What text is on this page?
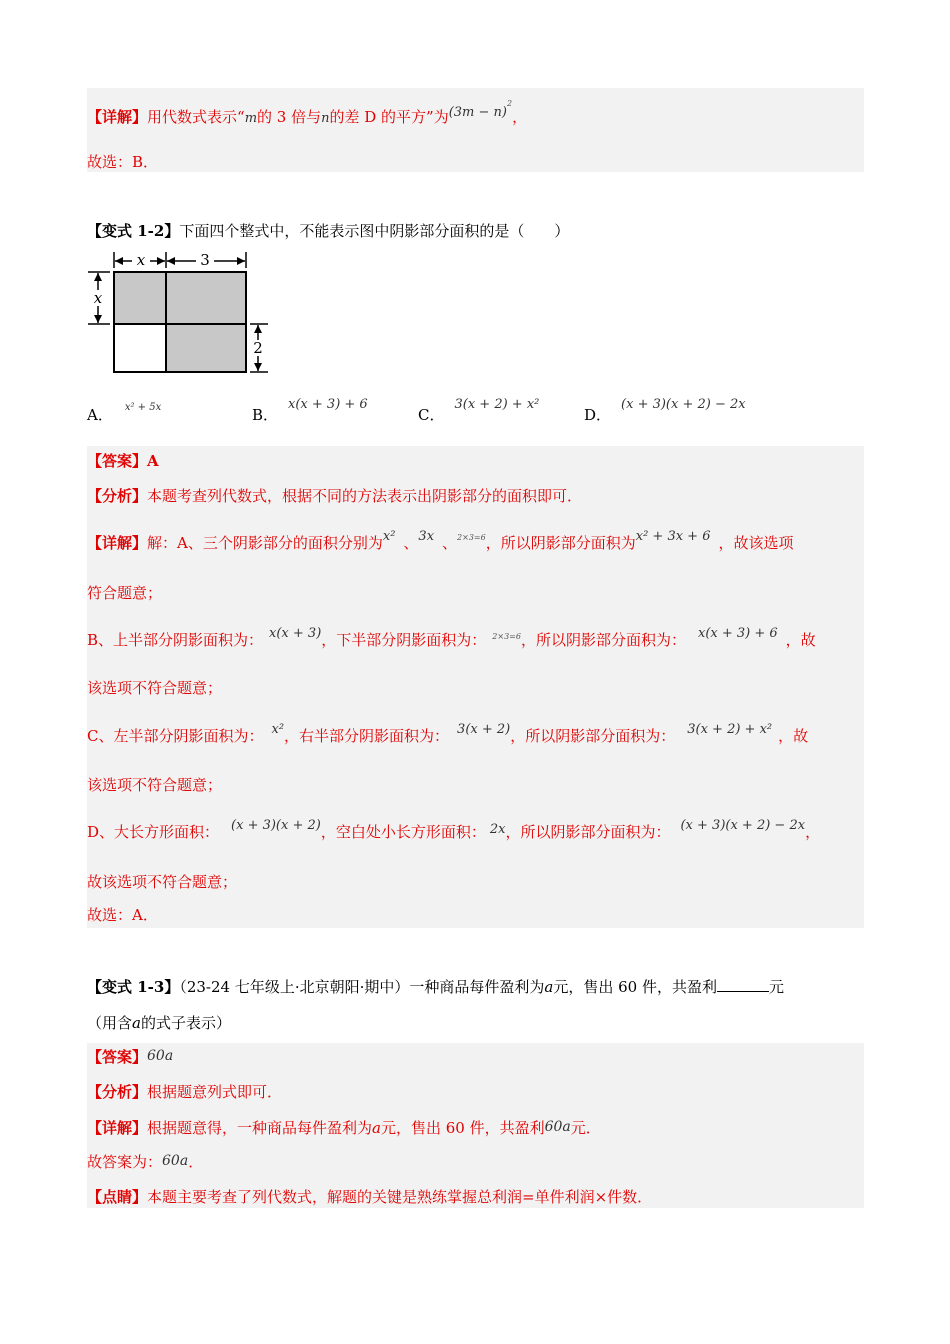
【详解】用代数式表示“m的 3 倍与n的差 D 的平方”为$(3m - n)^2$，
故选：B．
【变式 1-2】下面四个整式中，不能表示图中阴影部分面积的是（　　）
x	3
x
2
A． $^{x^2 + 5x}$	B．x(x + 3) + 6
C．3(x + 2) + x²
D．(x + 3)(x + 2) − 2x
【答案】A
【分析】本题考查列代数式，根据不同的方法表示出阴影部分的面积即可．
【详解】解：A、三个阴影部分的面积分别为x² 、3x 、$^{2\times 3=6}$，所以阴影部分面积为x² + 3x + 6 ，故该选项
符合题意；
B、上半部分阴影面积为： x(x + 3)，下半部分阴影面积为： $^{2\times 3=6}$，所以阴影部分面积为： x(x + 3) + 6 ，故
该选项不符合题意；
C、左半部分阴影面积为： x²，右半部分阴影面积为： 3(x + 2)，所以阴影部分面积为： 3(x + 2) + x² ，故
该选项不符合题意；
D、大长方形面积： (x + 3)(x + 2)，空白处小长方形面积： 2x，所以阴影部分面积为： (x + 3)(x + 2) − 2x，
故该选项不符合题意；
故选：A．
【变式 1-3】（23-24 七年级上·北京朝阳·期中）一种商品每件盈利为a元，售出 60 件，共盈利	元
（用含a的式子表示）
【答案】60a
【分析】根据题意列式即可．
【详解】根据题意得，一种商品每件盈利为a元，售出 60 件，共盈利60a元．
故答案为：60a．
【点睛】本题主要考查了列代数式，解题的关键是熟练掌握总利润=单件利润×件数．
